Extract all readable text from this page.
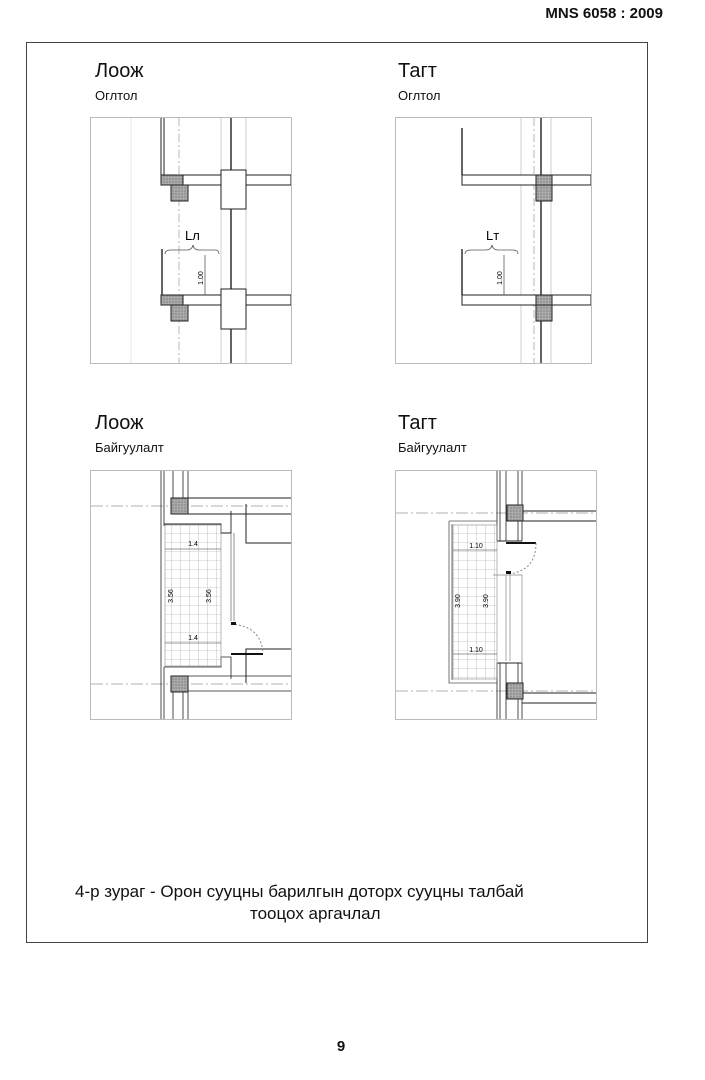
MNS 6058 : 2009
Лоож
Оглтол
Тагт
Оглтол
Лоож
Байгуулалт
Тагт
Байгуулалт
Lл
1.00
Lт
1.00
1.4
1.4
3.56	3.56
1.10
1.10
3.90	3.90
4-р зураг - Орон сууцны барилгын доторх сууцны талбай
тооцох аргачлал
9
